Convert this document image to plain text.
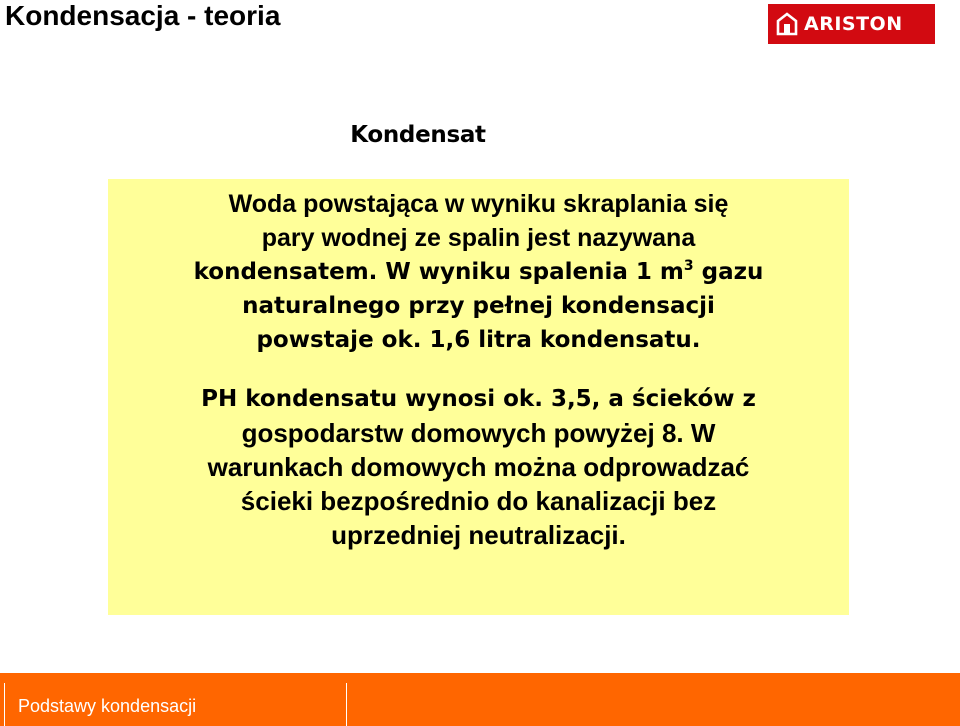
Kondensacja - teoria	ARISTON
Kondensat
Woda powstająca w wyniku skraplania się
pary wodnej ze spalin jest nazywana
kondensatem. W wyniku spalenia 1 $m^3$ gazu
naturalnego przy pełnej kondensacji
powstaje ok. 1,6 litra kondensatu.
PH kondensatu wynosi ok. 3,5, a ścieków z
gospodarstw domowych powyżej 8. W
warunkach domowych można odprowadzać
ścieki bezpośrednio do kanalizacji bez
uprzedniej neutralizacji.
Podstawy kondensacji
